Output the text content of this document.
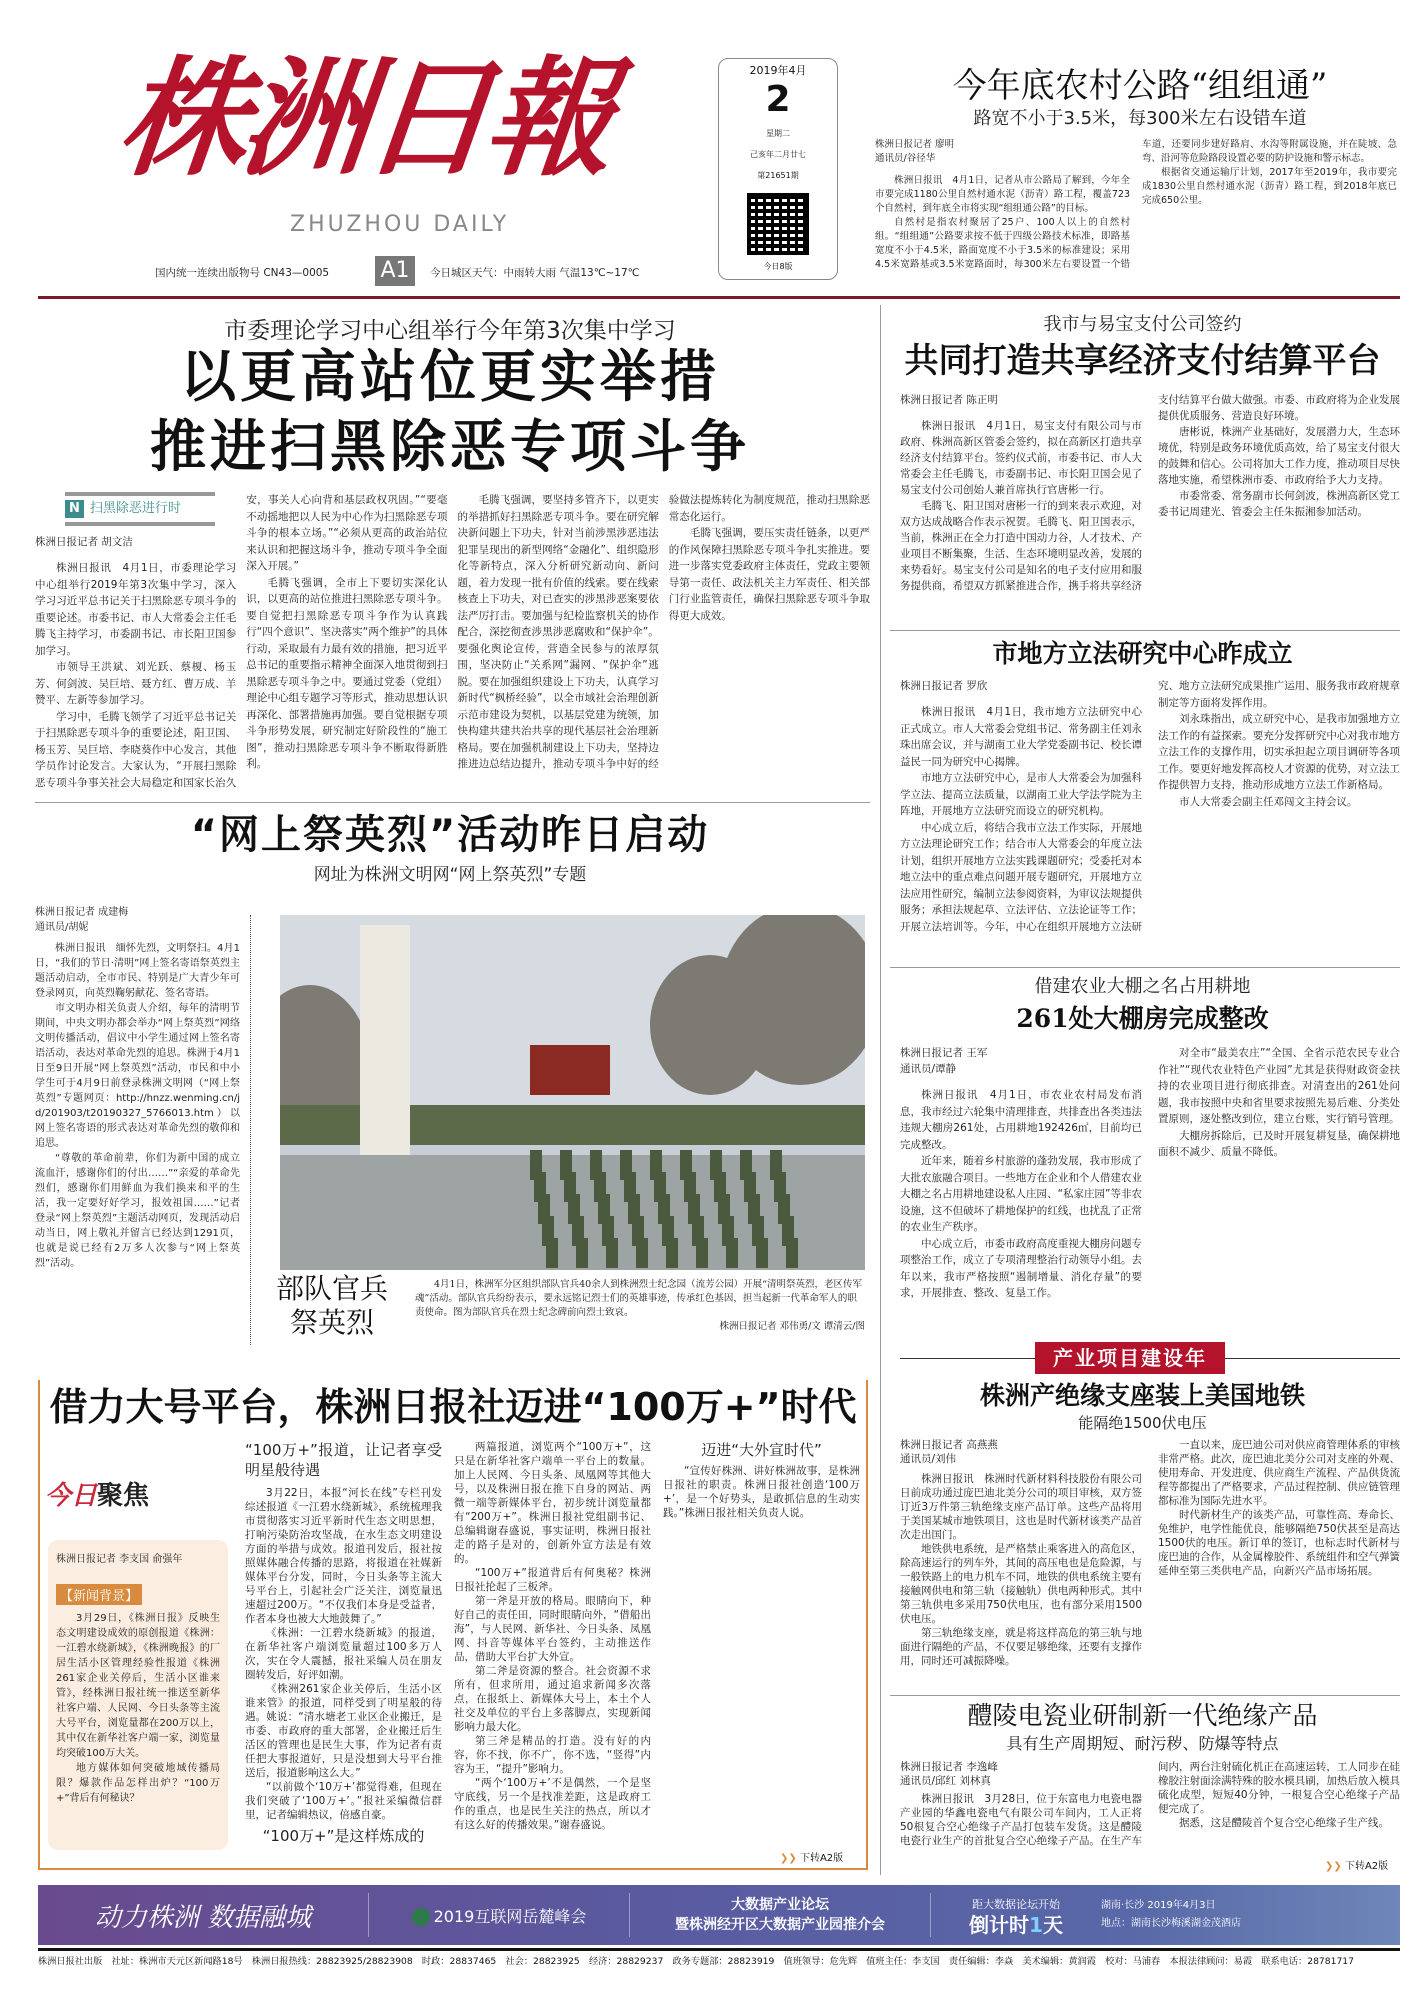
株洲日報
ZHUZHOU DAILY
国内统一连续出版物号 CN43—0005 A1	今日城区天气：中雨转大雨 气温13℃~17℃
2019年4月
2
星期二
己亥年二月廿七
第21651期
今日8版
今年底农村公路“组组通”
路宽不小于3.5米，每300米左右设错车道
株洲日报记者 廖明
通讯员/谷径华

株洲日报讯　4月1日，记者从市公路局了解到，今年全市要完成1180公里自然村通水泥（沥青）路工程，覆盖723个自然村，到年底全市将实现“组组通公路”的目标。

自然村是指农村聚居了25户、100人以上的自然村组。“组组通”公路要求按不低于四级公路技术标准，即路基宽度不小于4.5米，路面宽度不小于3.5米的标准建设；采用4.5米宽路基或3.5米宽路面时，每300米左右要设置一个错车道，还要同步建好路肩、水沟等附属设施，并在陡坡、急弯、沿河等危险路段设置必要的防护设施和警示标志。

根据省交通运输厅计划，2017年至2019年，我市要完成1830公里自然村通水泥（沥青）路工程，到2018年底已完成650公里。

市委理论学习中心组举行今年第3次集中学习
以更高站位更实举措
推进扫黑除恶专项斗争
N 扫黑除恶进行时
株洲日报记者 胡文洁

株洲日报讯　4月1日，市委理论学习中心组举行2019年第3次集中学习，深入学习习近平总书记关于扫黑除恶专项斗争的重要论述。市委书记、市人大常委会主任毛腾飞主持学习，市委副书记、市长阳卫国参加学习。

市领导王洪斌、刘光跃、蔡榎、杨玉芳、何剑波、吴巨培、聂方红、曹万成、羊赞平、左新等参加学习。

学习中，毛腾飞领学了习近平总书记关于扫黑除恶专项斗争的重要论述，阳卫国、杨玉芳、吴巨培、李晓葵作中心发言，其他学员作讨论发言。大家认为，“开展扫黑除恶专项斗争事关社会大局稳定和国家长治久安，事关人心向背和基层政权巩固。”“要毫不动摇地把以人民为中心作为扫黑除恶专项斗争的根本立场。”“必须从更高的政治站位来认识和把握这场斗争，推动专项斗争全面深入开展。”

毛腾飞强调，全市上下要切实深化认识，以更高的站位推进扫黑除恶专项斗争。要自觉把扫黑除恶专项斗争作为认真践行“四个意识”、坚决落实“两个维护”的具体行动，采取最有力最有效的措施，把习近平总书记的重要指示精神全面深入地贯彻到扫黑除恶专项斗争之中。要通过党委（党组）理论中心组专题学习等形式，推动思想认识再深化、部署措施再加强。要自觉根据专项斗争形势发展，研究制定好阶段性的“施工图”，推动扫黑除恶专项斗争不断取得新胜利。

毛腾飞强调，要坚持多管齐下，以更实的举措抓好扫黑除恶专项斗争。要在研究解决新问题上下功夫，针对当前涉黑涉恶违法犯罪呈现出的新型网络“金融化”、组织隐形化等新特点，深入分析研究新动向、新问题，着力发现一批有价值的线索。要在线索核查上下功夫，对已查实的涉黑涉恶案要依法严厉打击。要加强与纪检监察机关的协作配合，深挖彻查涉黑涉恶腐败和“保护伞”。要强化舆论宣传，营造全民参与的浓厚氛围，坚决防止“关系网”漏网、“保护伞”逃脱。要在加强组织建设上下功夫，认真学习新时代“枫桥经验”，以全市域社会治理创新示范市建设为契机，以基层党建为统领，加快构建共建共治共享的现代基层社会治理新格局。要在加强机制建设上下功夫，坚持边推进边总结边提升，推动专项斗争中好的经验做法提炼转化为制度规范，推动扫黑除恶常态化运行。

毛腾飞强调，要压实责任链条，以更严的作风保障扫黑除恶专项斗争扎实推进。要进一步落实党委政府主体责任，党政主要领导第一责任、政法机关主力军责任、相关部门行业监管责任，确保扫黑除恶专项斗争取得更大成效。

我市与易宝支付公司签约
共同打造共享经济支付结算平台
株洲日报记者 陈正明

株洲日报讯　4月1日，易宝支付有限公司与市政府、株洲高新区管委会签约，拟在高新区打造共享经济支付结算平台。签约仪式前，市委书记、市人大常委会主任毛腾飞，市委副书记、市长阳卫国会见了易宝支付公司创始人兼首席执行官唐彬一行。

毛腾飞、阳卫国对唐彬一行的到来表示欢迎，对双方达成战略合作表示祝贺。毛腾飞、阳卫国表示，当前，株洲正在全力打造中国动力谷，人才技术、产业项目不断集聚，生活、生态环境明显改善，发展的来势看好。易宝支付公司是知名的电子支付应用和服务提供商，希望双方抓紧推进合作，携手将共享经济支付结算平台做大做强。市委、市政府将为企业发展提供优质服务、营造良好环境。

唐彬说，株洲产业基础好，发展潜力大，生态环境优，特别是政务环境优质高效，给了易宝支付很大的鼓舞和信心。公司将加大工作力度，推动项目尽快落地实施，希望株洲市委、市政府给予大力支持。

市委常委、常务副市长何剑波，株洲高新区党工委书记周建光、管委会主任朱振湘参加活动。

市地方立法研究中心昨成立
株洲日报记者 罗欣

株洲日报讯　4月1日，我市地方立法研究中心正式成立。市人大常委会党组书记、常务副主任刘永珠出席会议，并与湖南工业大学党委副书记、校长谭益民一同为研究中心揭牌。

市地方立法研究中心，是市人大常委会为加强科学立法、提高立法质量，以湖南工业大学法学院为主阵地，开展地方立法研究而设立的研究机构。

中心成立后，将结合我市立法工作实际，开展地方立法理论研究工作；结合市人大常委会的年度立法计划，组织开展地方立法实践课题研究；受委托对本地立法中的重点难点问题开展专题研究，开展地方立法应用性研究，编制立法参阅资料，为审议法规提供服务；承担法规起草、立法评估、立法论证等工作；开展立法培训等。今年，中心在组织开展地方立法研究、地方立法研究成果推广运用、服务我市政府规章制定等方面将发挥作用。

刘永珠指出，成立研究中心，是我市加强地方立法工作的有益探索。要充分发挥研究中心对我市地方立法工作的支撑作用，切实承担起立项目调研等各项工作。要更好地发挥高校人才资源的优势，对立法工作提供智力支持，推动形成地方立法工作新格局。

市人大常委会副主任邓闯文主持会议。

借建农业大棚之名占用耕地
261处大棚房完成整改
株洲日报记者 王军
通讯员/谭静

株洲日报讯　4月1日，市农业农村局发布消息，我市经过六轮集中清理排查，共排查出各类违法违规大棚房261处，占用耕地192426㎡，目前均已完成整改。

近年来，随着乡村旅游的蓬勃发展，我市形成了大批农旅融合项目。一些地方在企业和个人借建农业大棚之名占用耕地建设私人庄园、“私家庄园”等非农设施，这不但破坏了耕地保护的红线，也扰乱了正常的农业生产秩序。

中心成立后，市委市政府高度重视大棚房问题专项整治工作，成立了专项清理整治行动领导小组。去年以来，我市严格按照“遏制增量、消化存量”的要求，开展排查、整改、复垦工作。

对全市“最美农庄”“全国、全省示范农民专业合作社”“现代农业特色产业园”尤其是获得财政资金扶持的农业项目进行彻底排查。对清查出的261处问题，我市按照中央和省里要求按照先易后难、分类处置原则，逐处整改到位，建立台账，实行销号管理。

大棚房拆除后，已及时开展复耕复垦，确保耕地面积不减少、质量不降低。

产业项目建设年
株洲产绝缘支座装上美国地铁
能隔绝1500伏电压
株洲日报记者 高燕燕
通讯员/刘伟

株洲日报讯　株洲时代新材料科技股份有限公司日前成功通过庞巴迪北美分公司的项目审核，双方签订近3万件第三轨绝缘支座产品订单。这些产品将用于美国某城市地铁项目，这也是时代新材该类产品首次走出国门。

地铁供电系统，是严格禁止乘客进入的高危区，除高速运行的列车外，其间的高压电也是危险源，与一般铁路上的电力机车不同，地铁的供电系统主要有接触网供电和第三轨（接触轨）供电两种形式。其中第三轨供电多采用750伏电压，也有部分采用1500伏电压。

第三轨绝缘支座，就是将这样高危的第三轨与地面进行隔绝的产品，不仅要足够绝缘，还要有支撑作用，同时还可减振降噪。

一直以来，庞巴迪公司对供应商管理体系的审核非常严格。此次，庞巴迪北美分公司对支座的外观、使用寿命、开发进度、供应商生产流程、产品供货流程等都提出了严格要求，产品过程控制、供应链管理都标准为国际先进水平。

时代新材生产的该类产品，可靠性高、寿命长、免维护，电学性能优良，能够隔绝750伏甚至是高达1500伏的电压。新订单的签订，也标志时代新材与庞巴迪的合作，从金属橡胶件、系统组件和空气弹簧延伸至第三类供电产品，向新兴产品市场拓展。

醴陵电瓷业研制新一代绝缘产品
具有生产周期短、耐污秽、防爆等特点
株洲日报记者 李逸峰
通讯员/邱红 刘林真

株洲日报讯　3月28日，位于东富电力电瓷电器产业园的华鑫电瓷电气有限公司车间内，工人正将50根复合空心绝缘子产品打包装车发货。这是醴陵电瓷行业生产的首批复合空心绝缘子产品。在生产车间内，两台注射硫化机正在高速运转，工人同步在硅橡胶注射面涂满特殊的胶水模具刷，加热后放入模具硫化成型，短短40分钟，一根复合空心绝缘子产品便完成了。

据悉，这是醴陵首个复合空心绝缘子生产线。

❯❯ 下转A2版
“网上祭英烈”活动昨日启动
网址为株洲文明网“网上祭英烈”专题
株洲日报记者 成建梅
通讯员/胡妮

株洲日报讯　缅怀先烈，文明祭扫。4月1日，“我们的节日·清明”网上签名寄语祭英烈主题活动启动，全市市民、特别是广大青少年可登录网页，向英烈鞠躬献花、签名寄语。

市文明办相关负责人介绍，每年的清明节期间，中央文明办都会举办“网上祭英烈”网络文明传播活动，倡议中小学生通过网上签名寄语活动，表达对革命先烈的追思。株洲于4月1日至9日开展“网上祭英烈”活动，市民和中小学生可于4月9日前登录株洲文明网（“网上祭英烈”专题网页：http://hnzz.wenming.cn/jd/201903/t20190327_5766013.htm）以网上签名寄语的形式表达对革命先烈的敬仰和追思。

“尊敬的革命前辈，你们为新中国的成立流血汗，感谢你们的付出……”“亲爱的革命先烈们，感谢你们用鲜血为我们换来和平的生活，我一定要好好学习，报效祖国……”记者登录“网上祭英烈”主题活动网页，发现活动启动当日，网上敬礼并留言已经达到1291页，也就是说已经有2万多人次参与“网上祭英烈”活动。

部队官兵
祭英烈

4月1日，株洲军分区组织部队官兵40余人到株洲烈士纪念园（流芳公园）开展“清明祭英烈，老区传军魂”活动。部队官兵纷纷表示，要永远铭记烈士们的英雄事迹，传承红色基因，担当起新一代革命军人的职责使命。图为部队官兵在烈士纪念碑前向烈士致哀。

株洲日报记者 邓伟勇/文 谭清云/图

借力大号平台，株洲日报社迈进“100万+”时代
今日聚焦
株洲日报记者 李支国 俞强年
【新闻背景】

3月29日，《株洲日报》反映生态文明建设成效的原创报道《株洲：一江碧水绕新城》，《株洲晚报》的厂居生活小区管理经验性报道《株洲261家企业关停后，生活小区谁来管》，经株洲日报社统一推送至新华社客户端、人民网、今日头条等主流大号平台，浏览量都在200万以上，其中仅在新华社客户端一家，浏览量均突破100万大关。

地方媒体如何突破地域传播局限？爆款作品怎样出炉？“100万+”背后有何秘诀？

“100万+”报道，让记者享受明星般待遇

3月22日，本报“河长在线”专栏刊发综述报道《一江碧水绕新城》，系统梳理我市贯彻落实习近平新时代生态文明思想，打响污染防治攻坚战，在水生态文明建设方面的举措与成效。报道刊发后，报社按照媒体融合传播的思路，将报道在社媒新媒体平台分发，同时，今日头条等主流大号平台上，引起社会广泛关注，浏览量迅速超过200万。“不仅我们本身是受益者，作者本身也被大大地鼓舞了。”

《株洲：一江碧水绕新城》的报道，在新华社客户端浏览量超过100多万人次，实在令人震撼，报社采编人员在朋友圈转发后，好评如潮。

《株洲261家企业关停后，生活小区谁来管》的报道，同样受到了明星般的待遇。姚说：“清水塘老工业区企业搬迁，是市委、市政府的重大部署，企业搬迁后生活区的管理也是民生大事，作为记者有责任把大事报道好，只是没想到大号平台推送后，报道影响这么大。”

“以前做个‘10万+’都觉得难，但现在我们突破了‘100万+’。”报社采编微信群里，记者编辑热议，倍感自豪。

“100万+”是这样炼成的

两篇报道，浏览两个“100万+”，这只是在新华社客户端单一平台上的数量。加上人民网、今日头条、凤凰网等其他大号，以及株洲日报在推下自身的网站、两微一端等新媒体平台，初步统计浏览量都有“200万+”。株洲日报社党组副书记、总编辑谢春盛说，事实证明，株洲日报社走的路子是对的，创新外宣方法是有效的。

“100万+”报道背后有何奥秘？株洲日报社抡起了三板斧。

第一斧是开放的格局。眼睛向下，种好自己的责任田，同时眼睛向外，“借船出海”，与人民网、新华社、今日头条、凤凰网、抖音等媒体平台签约，主动推送作品，借助大平台扩大外宣。

第二斧是资源的整合。社会资源不求所有，但求所用，通过追求新闻多次落点，在报纸上、新媒体大号上，本土个人社交及单位的平台上多落脚点，实现新闻影响力最大化。

第三斧是精品的打造。没有好的内容，你不找，你不广，你不选，“竖得”内容为王，“提升”影响力。

“两个‘100万+’不是偶然，一个是坚守底线，另一个是找准差距，这是政府工作的重点，也是民生关注的热点，所以才有这么好的传播效果。”谢春盛说。

迈进“大外宣时代”

“宣传好株洲、讲好株洲故事，是株洲日报社的职责。株洲日报社创造‘100万+’，是一个好势头，是敢抓信息的生动实践。”株洲日报社相关负责人说。

❯❯ 下转A2版
动力株洲 数据融城	2019互联网岳麓峰会
大数据产业论坛
暨株洲经开区大数据产业园推介会
距大数据论坛开始
倒计时1天
湖南·长沙 2019年4月3日
地点：湖南长沙梅溪湖金茂酒店
株洲日报社出版　社址：株洲市天元区新闻路18号　株洲日报热线：28823925/28823908　时政：28837465　社会：28823925　经济：28829237　政务专题部：28823919　值班领导：危先辉　值班主任：李支国　责任编辑：李焱　美术编辑：黄润霞　校对：马浦春　本报法律顾问：易霞　联系电话：28781717
